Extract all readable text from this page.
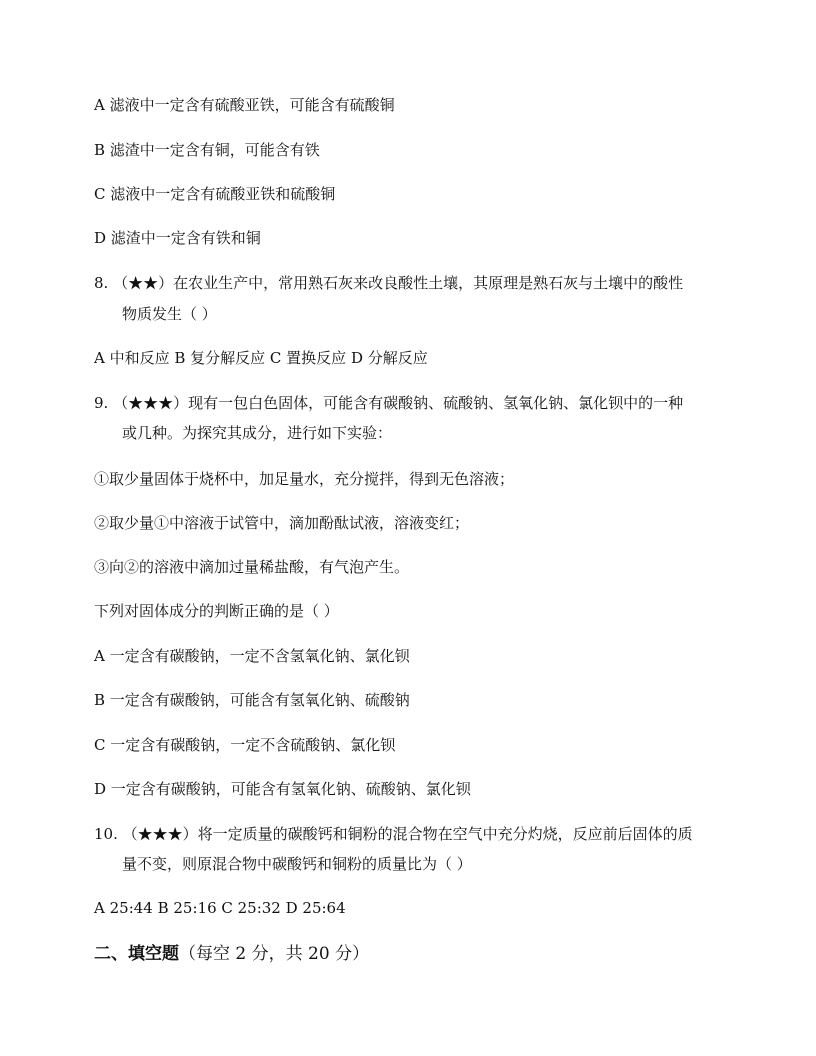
A 滤液中一定含有硫酸亚铁，可能含有硫酸铜
B 滤渣中一定含有铜，可能含有铁
C 滤液中一定含有硫酸亚铁和硫酸铜
D 滤渣中一定含有铁和铜
8. （★★）在农业生产中，常用熟石灰来改良酸性土壤，其原理是熟石灰与土壤中的酸性
物质发生（ ）
A 中和反应 B 复分解反应 C 置换反应 D 分解反应
9. （★★★）现有一包白色固体，可能含有碳酸钠、硫酸钠、氢氧化钠、氯化钡中的一种
或几种。为探究其成分，进行如下实验：
①取少量固体于烧杯中，加足量水，充分搅拌，得到无色溶液；
②取少量①中溶液于试管中，滴加酚酞试液，溶液变红；
③向②的溶液中滴加过量稀盐酸，有气泡产生。
下列对固体成分的判断正确的是（ ）
A 一定含有碳酸钠，一定不含氢氧化钠、氯化钡
B 一定含有碳酸钠，可能含有氢氧化钠、硫酸钠
C 一定含有碳酸钠，一定不含硫酸钠、氯化钡
D 一定含有碳酸钠，可能含有氢氧化钠、硫酸钠、氯化钡
10. （★★★）将一定质量的碳酸钙和铜粉的混合物在空气中充分灼烧，反应前后固体的质
量不变，则原混合物中碳酸钙和铜粉的质量比为（ ）
A 25:44 B 25:16 C 25:32 D 25:64
二、填空题（每空 2 分，共 20 分）
